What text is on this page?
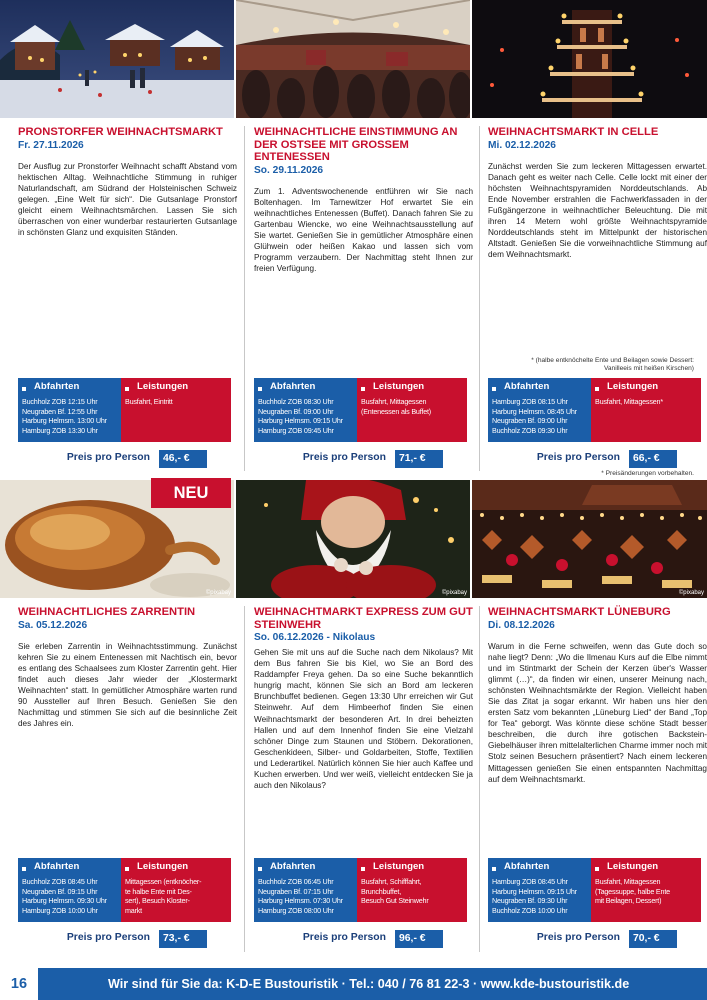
PRONSTORFER WEIHNACHTSMARKT
Fr. 27.11.2026
Der Ausflug zur Pronstorfer Weihnacht schafft Abstand vom hektischen Alltag. Weihnachtliche Stimmung in ruhiger Naturlandschaft, am Südrand der Holsteinischen Schweiz gelegen. „Eine Welt für sich“. Die Gutsanlage Pronstorf gleicht einem Weihnachtsmärchen. Lassen Sie sich überraschen von einer wunderbar restaurierten Gutsanlage in schönsten Glanz und exquisiten Ständen.
WEIHNACHTLICHE EINSTIMMUNG AN DER OSTSEE MIT GROSSEM ENTENESSEN
So. 29.11.2026
Zum 1. Adventswochenende entführen wir Sie nach Boltenhagen. Im Tarnewitzer Hof erwartet Sie ein weihnachtliches Entenessen (Buffet). Danach fahren Sie zu Gartenbau Wiencke, wo eine Weihnachtsausstellung auf Sie wartet. Genießen Sie in gemütlicher Atmosphäre einen Glühwein oder heißen Kakao und lassen sich vom Programm verzaubern. Der Nachmittag steht Ihnen zur freien Verfügung.
WEIHNACHTSMARKT IN CELLE
Mi. 02.12.2026
Zunächst werden Sie zum leckeren Mittagessen erwartet. Danach geht es weiter nach Celle. Celle lockt mit einer der höchsten Weihnachtspyramiden Norddeutschlands. Ab Ende November erstrahlen die Fachwerkfassaden in der Fußgängerzone in weihnachtlicher Beleuchtung. Die mit ihren 14 Metern wohl größte Weihnachtspyramide Norddeutschlands steht im Mittelpunkt der historischen Altstadt. Genießen Sie die vorweihnachtliche Stimmung auf dem Weihnachtsmarkt.
* (halbe entknöchelte Ente und Beilagen sowie Dessert: Vanilleeis mit heißen Kirschen)
Abfahrten
Buchholz ZOB 12:15 Uhr
Neugraben Bf. 12:55 Uhr
Harburg Helmsm. 13:00 Uhr
Hamburg ZOB 13:30 Uhr
Leistungen
Busfahrt, Eintritt
Abfahrten
Buchholz ZOB 08:30 Uhr
Neugraben Bf. 09:00 Uhr
Harburg Helmsm. 09:15 Uhr
Hamburg ZOB 09:45 Uhr
Leistungen
Busfahrt, Mittagessen
(Entenessen als Buffet)
Abfahrten
Hamburg ZOB 08:15 Uhr
Harburg Helmsm. 08:45 Uhr
Neugraben Bf. 09:00 Uhr
Buchholz ZOB 09:30 Uhr
Leistungen
Busfahrt, Mittagessen*
Preis pro Person	46,- €	Preis pro Person	71,- €	Preis pro Person	66,- €
* Preisänderungen vorbehalten.
©pixabay
NEU
©pixabay	©pixabay
WEIHNACHTLICHES ZARRENTIN
Sa. 05.12.2026
Sie erleben Zarrentin in Weihnachtsstimmung. Zunächst kehren Sie zu einem Entenessen mit Nachtisch ein, bevor es entlang des Schaalsees zum Kloster Zarrentin geht. Hier findet auch dieses Jahr wieder der „Klostermarkt Weihnachten“ statt. In gemütlicher Atmosphäre warten rund 90 Aussteller auf Ihren Besuch. Genießen Sie den Nachmittag und stimmen Sie sich auf die besinnliche Zeit des Jahres ein.
WEIHNACHTMARKT EXPRESS ZUM GUT STEINWEHR
So. 06.12.2026 - Nikolaus
Gehen Sie mit uns auf die Suche nach dem Nikolaus? Mit dem Bus fahren Sie bis Kiel, wo Sie an Bord des Raddampfer Freya gehen. Da so eine Suche bekanntlich hungrig macht, können Sie sich an Bord am leckeren Brunchbuffet bedienen. Gegen 13:30 Uhr erreichen wir Gut Steinwehr. Auf dem Himbeerhof finden Sie einen Weihnachtsmarkt der besonderen Art. In drei beheizten Hallen und auf dem Innenhof finden Sie eine Vielzahl schöner Dinge zum Staunen und Stöbern. Dekorationen, Geschenkideen, Silber- und Goldarbeiten, Stoffe, Textilien und Lederartikel. Natürlich können Sie hier auch Kaffee und Kuchen erwerben. Und wer weiß, vielleicht entdecken Sie ja auch den Nikolaus?
WEIHNACHTSMARKT LÜNEBURG
Di. 08.12.2026
Warum in die Ferne schweifen, wenn das Gute doch so nahe liegt? Denn: „Wo die Ilmenau Kurs auf die Elbe nimmt und im Stintmarkt der Schein der Kerzen über's Wasser glimmt (…)“, da finden wir einen, unserer Meinung nach, schönsten Weihnachtsmärkte der Region. Vielleicht haben Sie das Zitat ja sogar erkannt. Wir haben uns hier den ersten Satz vom bekannten „Lüneburg Lied“ der Band „Top for Tea“ geborgt. Was könnte diese schöne Stadt besser beschreiben, die durch ihre gotischen Backstein-Giebelhäuser ihren mittelalterlichen Charme immer noch mit Stolz seinen Besuchern präsentiert? Nach einem leckeren Mittagessen genießen Sie einen entspannten Nachmittag auf dem Weihnachtsmarkt.
Abfahrten
Buchholz ZOB 08:45 Uhr
Neugraben Bf. 09:15 Uhr
Harburg Helmsm. 09:30 Uhr
Hamburg ZOB 10:00 Uhr
Leistungen
Mittagessen (entknöcher-
te halbe Ente mit Des-
sert), Besuch Kloster-
markt
Abfahrten
Buchholz ZOB 06:45 Uhr
Neugraben Bf. 07:15 Uhr
Harburg Helmsm. 07:30 Uhr
Hamburg ZOB 08:00 Uhr
Leistungen
Busfahrt, Schifffahrt,
Brunchbuffet,
Besuch Gut Steinwehr
Abfahrten
Hamburg ZOB 08:45 Uhr
Harburg Helmsm. 09:15 Uhr
Neugraben Bf. 09:30 Uhr
Buchholz ZOB 10:00 Uhr
Leistungen
Busfahrt, Mittagessen
(Tagessuppe, halbe Ente
mit Beilagen, Dessert)
Preis pro Person	73,- €	Preis pro Person	96,- €	Preis pro Person	70,- €
16	Wir sind für Sie da: K-D-E Bustouristik · Tel.: 040 / 76 81 22-3 · www.kde-bustouristik.de
